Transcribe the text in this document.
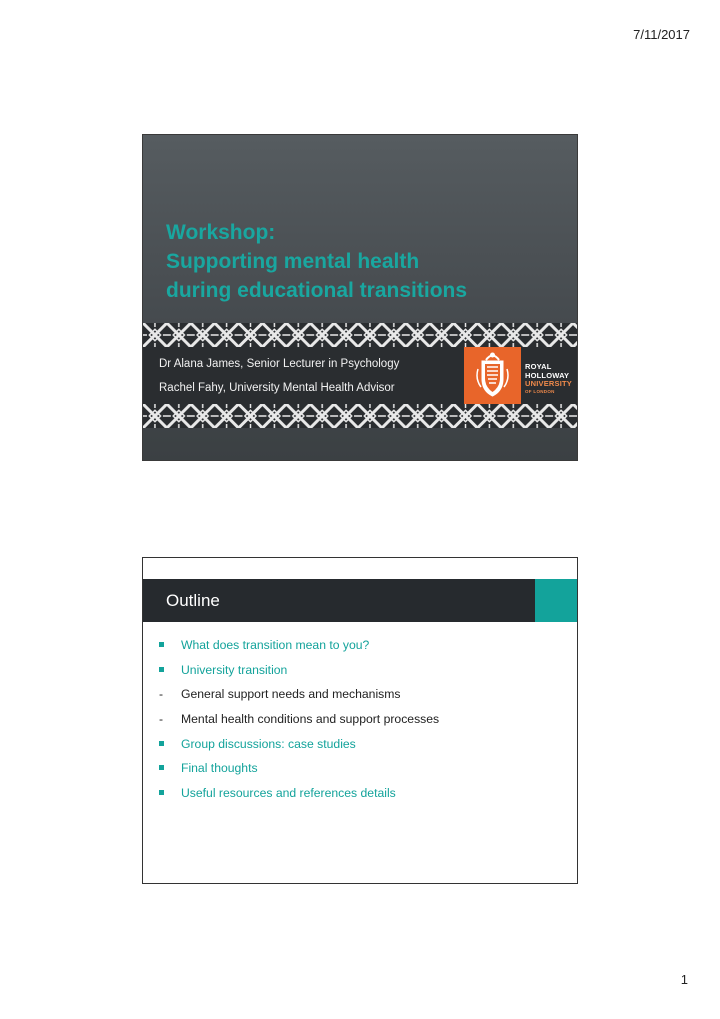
7/11/2017
Workshop:
Supporting mental health
during educational transitions
Dr Alana James, Senior Lecturer in Psychology
Rachel Fahy, University Mental Health Advisor
ROYAL
HOLLOWAY
UNIVERSITY
OF LONDON
Outline
What does transition mean to you?
University transition
General support needs and mechanisms
Mental health conditions and support processes
Group discussions: case studies
Final thoughts
Useful resources and references details
1
